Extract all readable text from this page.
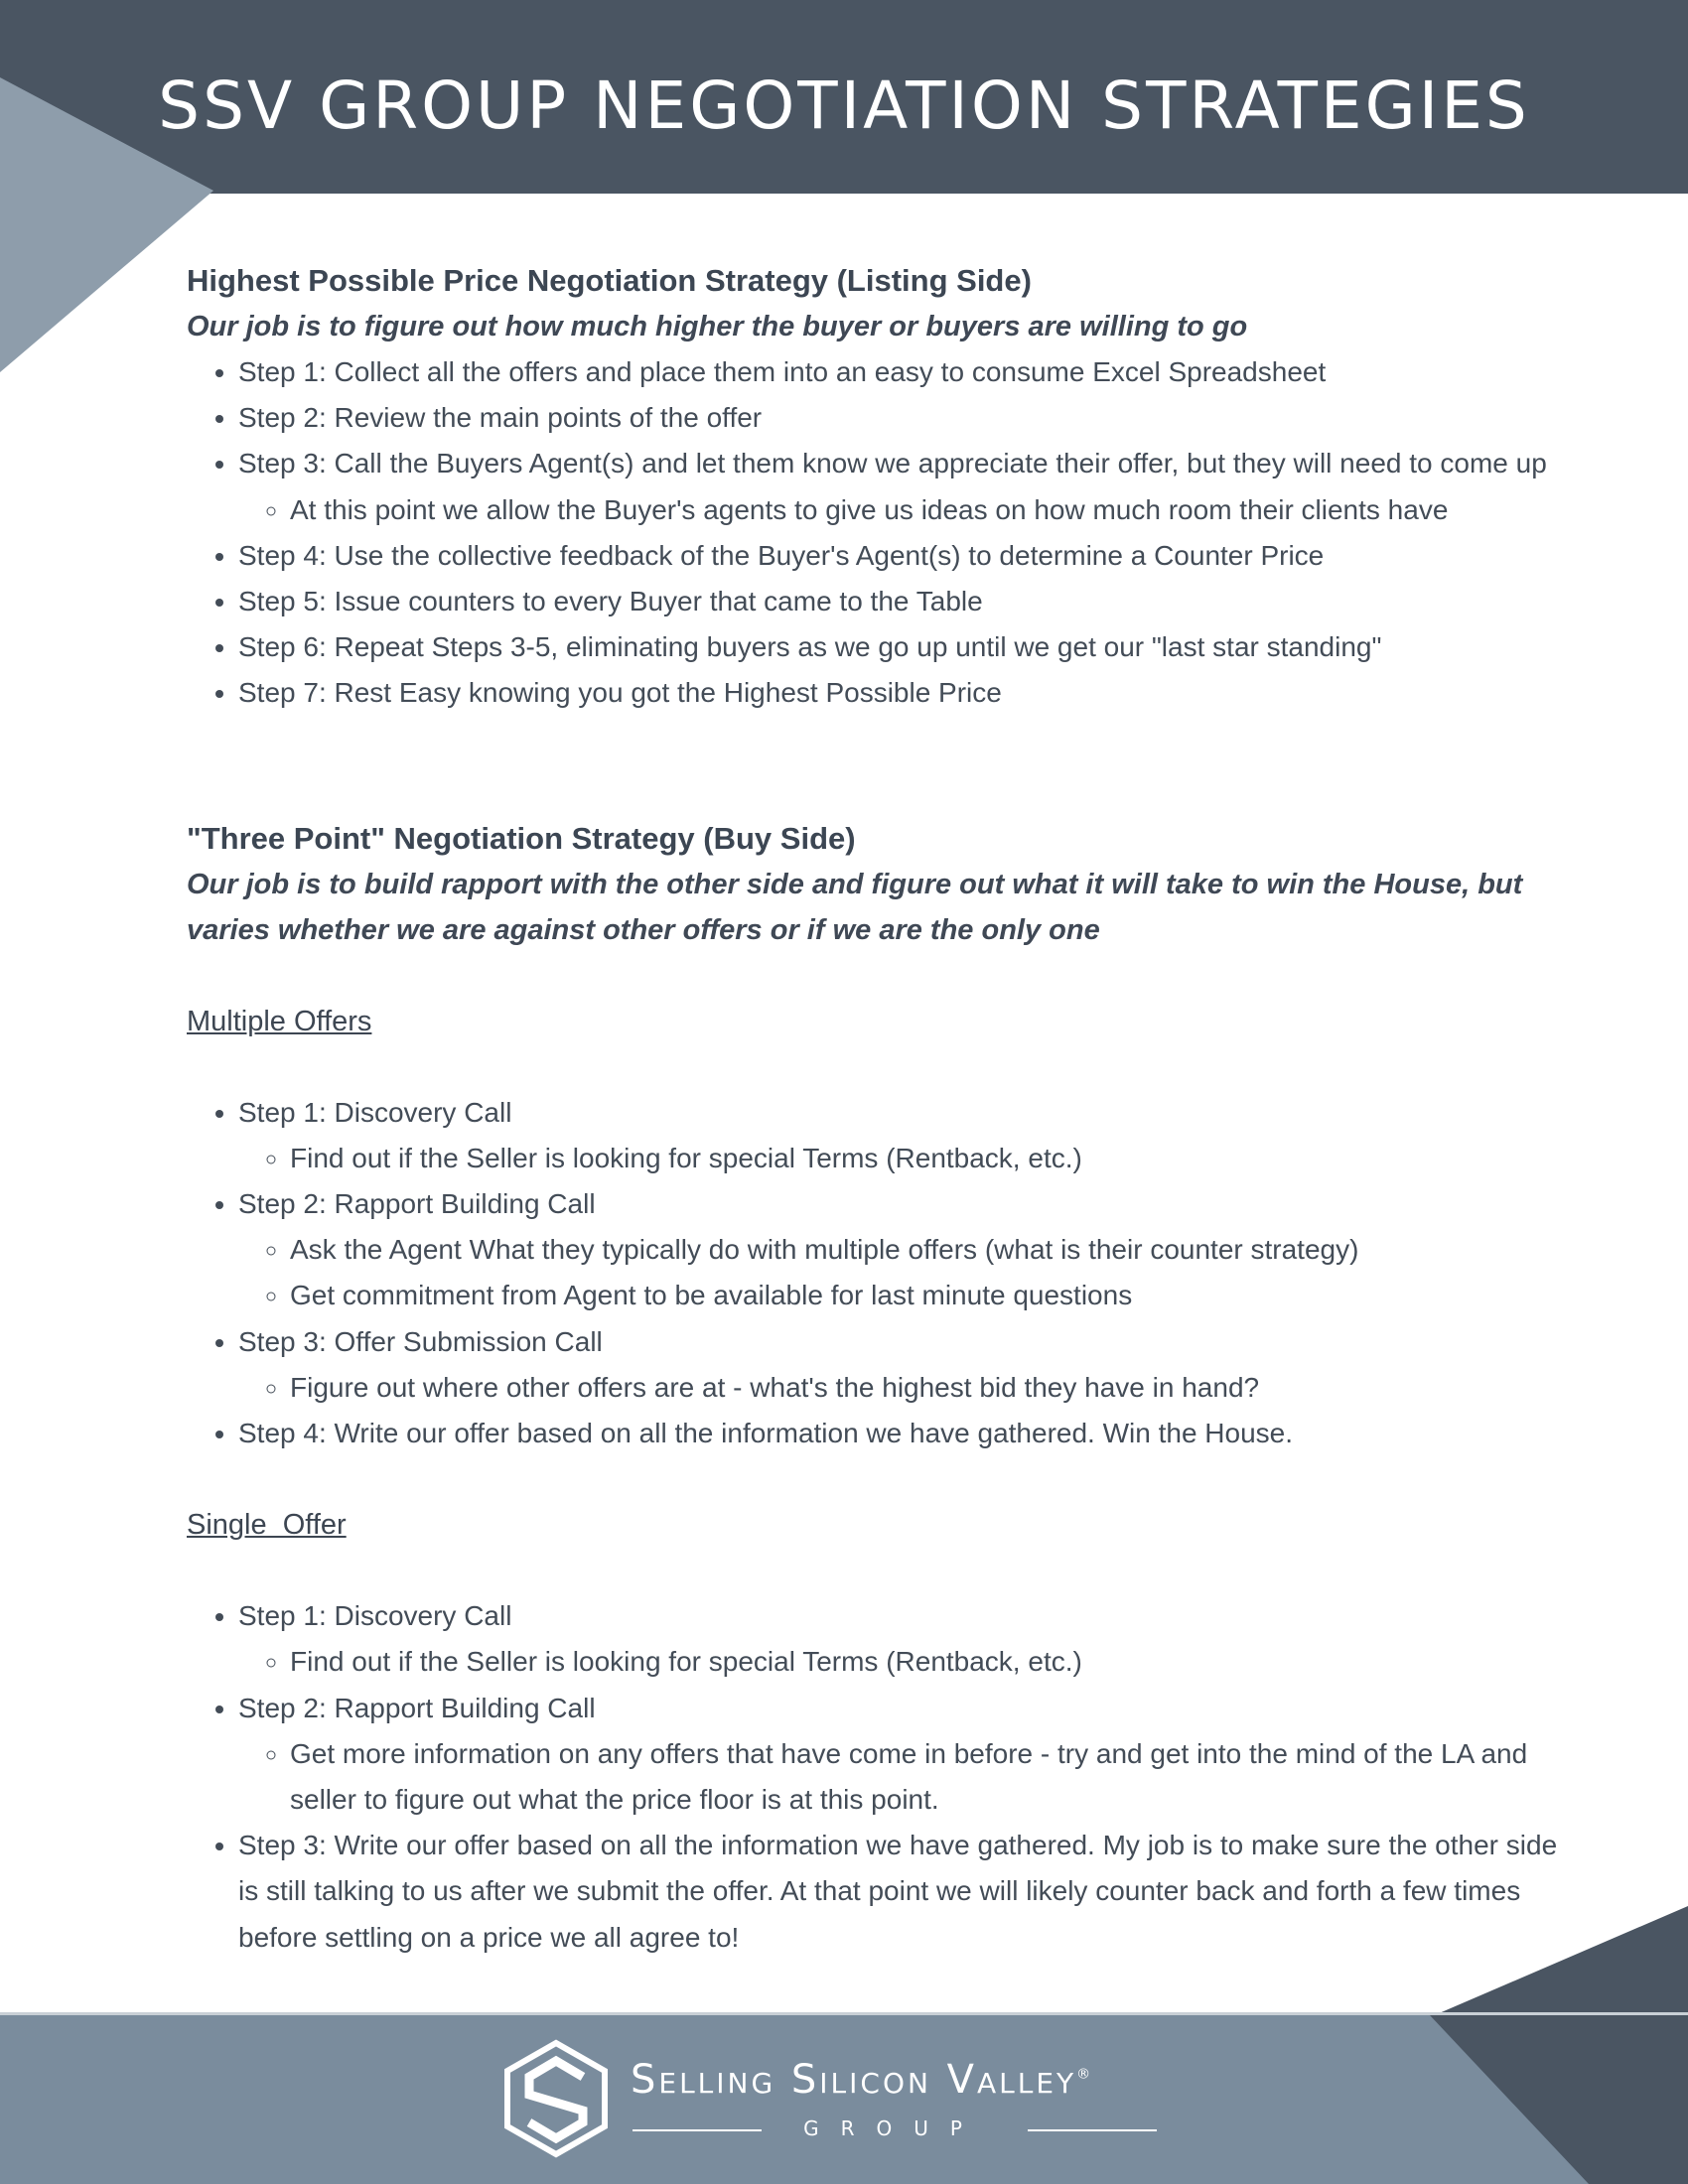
SSV GROUP NEGOTIATION STRATEGIES
Highest Possible Price Negotiation Strategy (Listing Side)

Our job is to figure out how much higher the buyer or buyers are willing to go

• Step 1: Collect all the offers and place them into an easy to consume Excel Spreadsheet
• Step 2: Review the main points of the offer
• Step 3: Call the Buyers Agent(s) and let them know we appreciate their offer, but they will need to come up
◦ At this point we allow the Buyer's agents to give us ideas on how much room their clients have
• Step 4: Use the collective feedback of the Buyer's Agent(s) to determine a Counter Price
• Step 5: Issue counters to every Buyer that came to the Table
• Step 6: Repeat Steps 3-5, eliminating buyers as we go up until we get our "last star standing"
• Step 7: Rest Easy knowing you got the Highest Possible Price
"Three Point" Negotiation Strategy (Buy Side)

Our job is to build rapport with the other side and figure out what it will take to win the House, but varies whether we are against other offers or if we are the only one

Multiple Offers

• Step 1: Discovery Call
◦ Find out if the Seller is looking for special Terms (Rentback, etc.)
• Step 2: Rapport Building Call
◦ Ask the Agent What they typically do with multiple offers (what is their counter strategy)
◦ Get commitment from Agent to be available for last minute questions
• Step 3: Offer Submission Call
◦ Figure out where other offers are at - what's the highest bid they have in hand?
• Step 4: Write our offer based on all the information we have gathered. Win the House.

Single  Offer

• Step 1: Discovery Call
◦ Find out if the Seller is looking for special Terms (Rentback, etc.)
• Step 2: Rapport Building Call
◦ Get more information on any offers that have come in before - try and get into the mind of the LA and seller to figure out what the price floor is at this point.
• Step 3: Write our offer based on all the information we have gathered. My job is to make sure the other side is still talking to us after we submit the offer. At that point we will likely counter back and forth a few times before settling on a price we all agree to!
Selling Silicon Valley®
GROUP
